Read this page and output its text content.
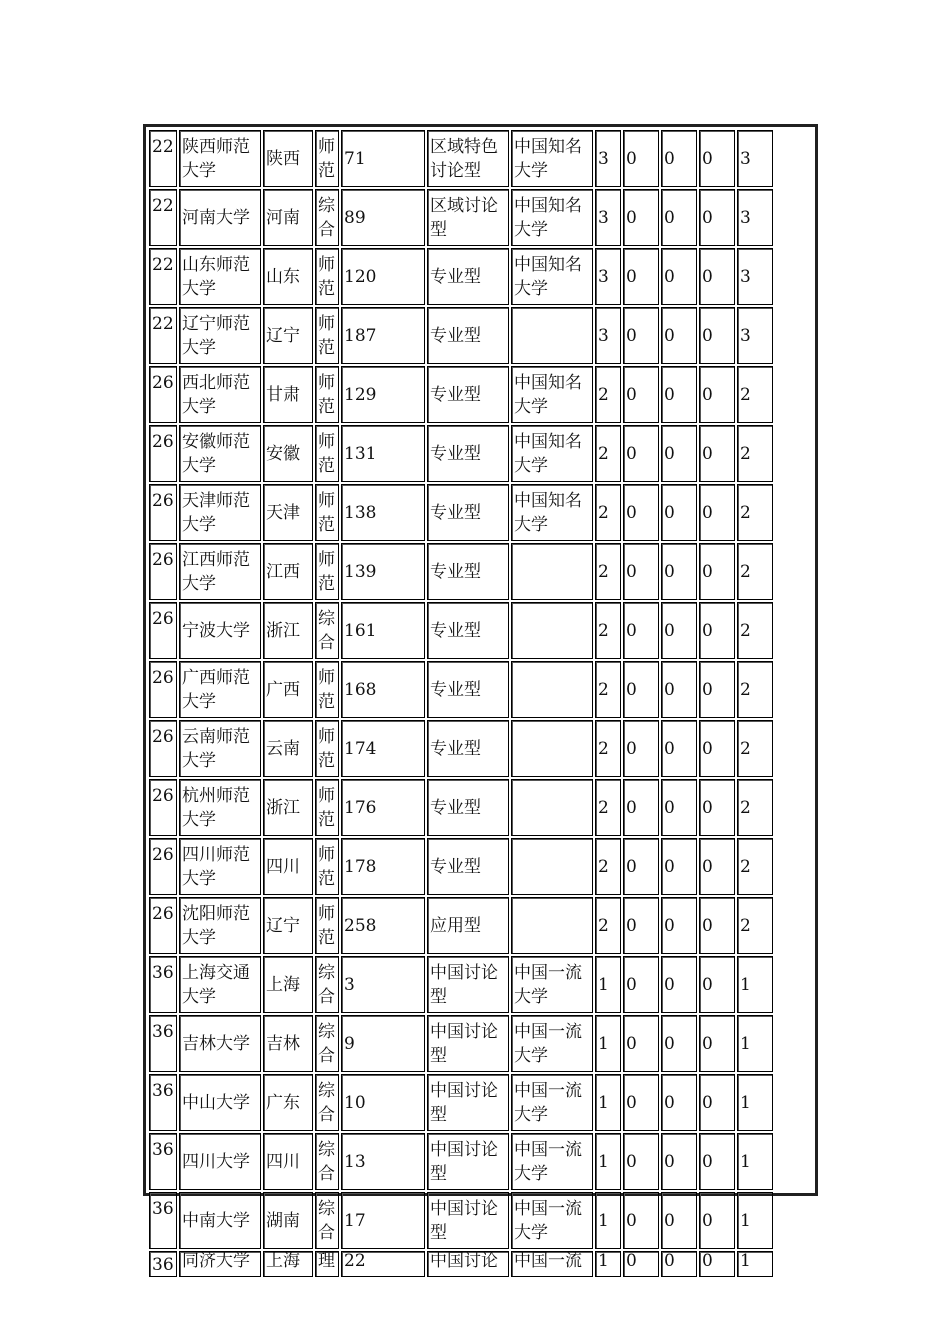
22	陕西师范大学	陕西	师范	71	区域特色讨论型	中国知名大学	3	0	0	0	3
22	河南大学	河南	综合	89	区域讨论型	中国知名大学	3	0	0	0	3
22	山东师范大学	山东	师范	120	专业型	中国知名大学	3	0	0	0	3
22	辽宁师范大学	辽宁	师范	187	专业型		3	0	0	0	3
26	西北师范大学	甘肃	师范	129	专业型	中国知名大学	2	0	0	0	2
26	安徽师范大学	安徽	师范	131	专业型	中国知名大学	2	0	0	0	2
26	天津师范大学	天津	师范	138	专业型	中国知名大学	2	0	0	0	2
26	江西师范大学	江西	师范	139	专业型		2	0	0	0	2
26	宁波大学	浙江	综合	161	专业型		2	0	0	0	2
26	广西师范大学	广西	师范	168	专业型		2	0	0	0	2
26	云南师范大学	云南	师范	174	专业型		2	0	0	0	2
26	杭州师范大学	浙江	师范	176	专业型		2	0	0	0	2
26	四川师范大学	四川	师范	178	专业型		2	0	0	0	2
26	沈阳师范大学	辽宁	师范	258	应用型		2	0	0	0	2
36	上海交通大学	上海	综合	3	中国讨论型	中国一流大学	1	0	0	0	1
36	吉林大学	吉林	综合	9	中国讨论型	中国一流大学	1	0	0	0	1
36	中山大学	广东	综合	10	中国讨论型	中国一流大学	1	0	0	0	1
36	四川大学	四川	综合	13	中国讨论型	中国一流大学	1	0	0	0	1
36	中南大学	湖南	综合	17	中国讨论型	中国一流大学	1	0	0	0	1
36	同济大学	上海	理	22	中国讨论	中国一流	1	0	0	0	1
